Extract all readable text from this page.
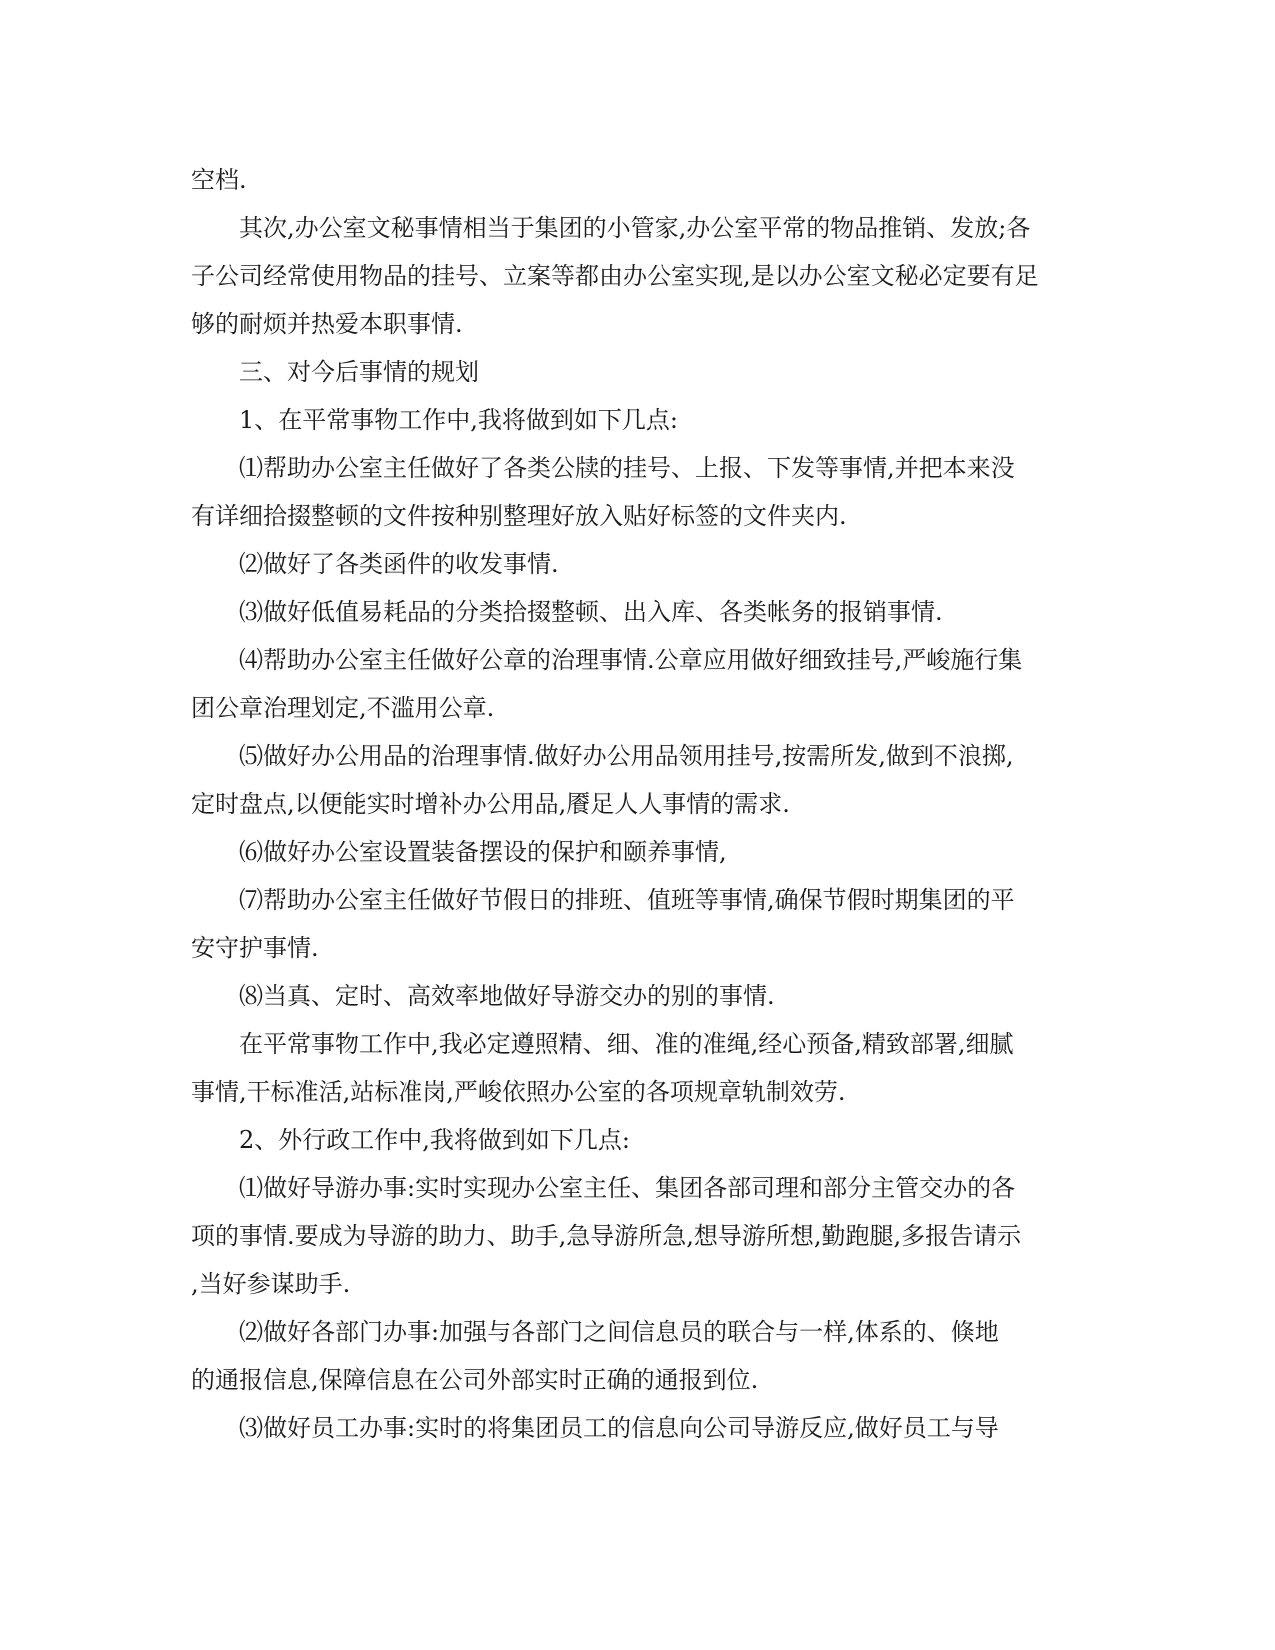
空档.
其次,办公室文秘事情相当于集团的小管家,办公室平常的物品推销、发放;各
子公司经常使用物品的挂号、立案等都由办公室实现,是以办公室文秘必定要有足
够的耐烦并热爱本职事情.
三、对今后事情的规划
1、在平常事物工作中,我将做到如下几点:
⑴帮助办公室主任做好了各类公牍的挂号、上报、下发等事情,并把本来没
有详细拾掇整顿的文件按种别整理好放入贴好标签的文件夹内.
⑵做好了各类函件的收发事情.
⑶做好低值易耗品的分类拾掇整顿、出入库、各类帐务的报销事情.
⑷帮助办公室主任做好公章的治理事情.公章应用做好细致挂号,严峻施行集
团公章治理划定,不滥用公章.
⑸做好办公用品的治理事情.做好办公用品领用挂号,按需所发,做到不浪掷,
定时盘点,以便能实时增补办公用品,餍足人人事情的需求.
⑹做好办公室设置装备摆设的保护和颐养事情,
⑺帮助办公室主任做好节假日的排班、值班等事情,确保节假时期集团的平
安守护事情.
⑻当真、定时、高效率地做好导游交办的别的事情.
在平常事物工作中,我必定遵照精、细、准的准绳,经心预备,精致部署,细腻
事情,干标准活,站标准岗,严峻依照办公室的各项规章轨制效劳.
2、外行政工作中,我将做到如下几点:
⑴做好导游办事:实时实现办公室主任、集团各部司理和部分主管交办的各
项的事情.要成为导游的助力、助手,急导游所急,想导游所想,勤跑腿,多报告请示
,当好参谋助手.
⑵做好各部门办事:加强与各部门之间信息员的联合与一样,体系的、倏地
的通报信息,保障信息在公司外部实时正确的通报到位.
⑶做好员工办事:实时的将集团员工的信息向公司导游反应,做好员工与导
